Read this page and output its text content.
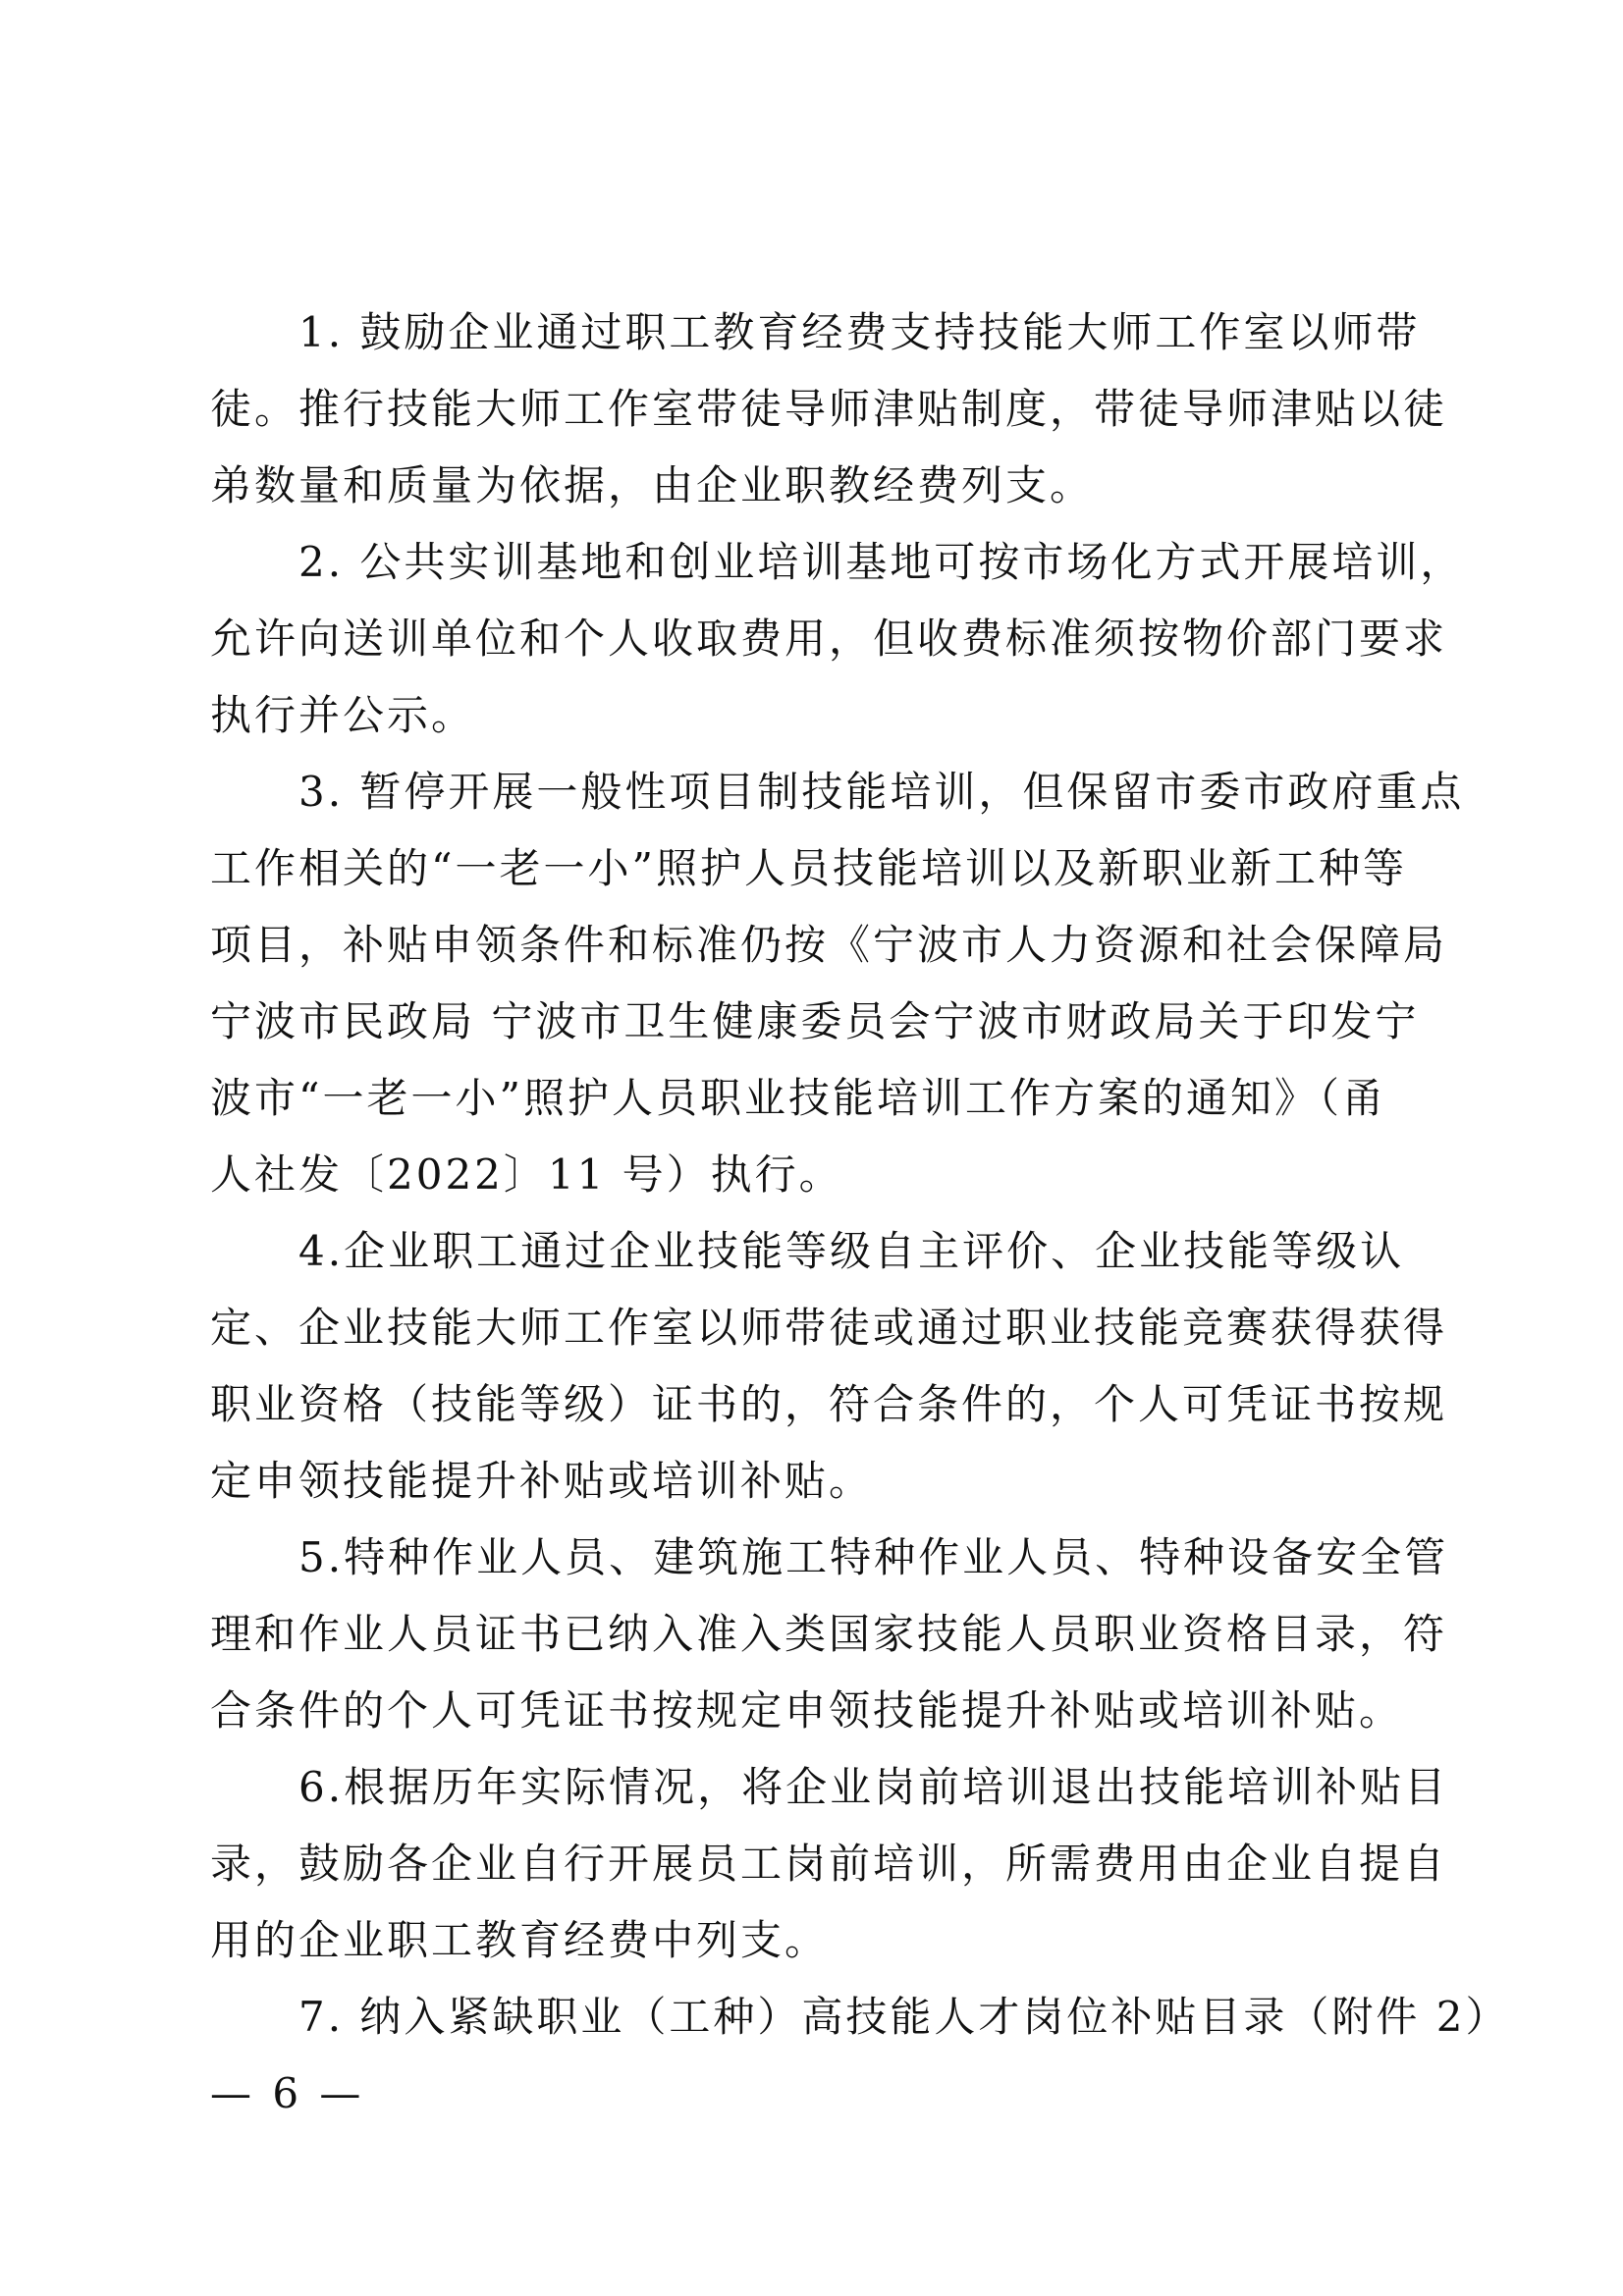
1. 鼓励企业通过职工教育经费支持技能大师工作室以师带
徒。推行技能大师工作室带徒导师津贴制度，带徒导师津贴以徒
弟数量和质量为依据，由企业职教经费列支。

2. 公共实训基地和创业培训基地可按市场化方式开展培训，
允许向送训单位和个人收取费用，但收费标准须按物价部门要求
执行并公示。

3. 暂停开展一般性项目制技能培训，但保留市委市政府重点
工作相关的“一老一小”照护人员技能培训以及新职业新工种等
项目，补贴申领条件和标准仍按《宁波市人力资源和社会保障局
宁波市民政局 宁波市卫生健康委员会宁波市财政局关于印发宁
波市“一老一小”照护人员职业技能培训工作方案的通知》（甬
人社发〔2022〕11 号）执行。

4.企业职工通过企业技能等级自主评价、企业技能等级认
定、企业技能大师工作室以师带徒或通过职业技能竞赛获得获得
职业资格（技能等级）证书的，符合条件的，个人可凭证书按规
定申领技能提升补贴或培训补贴。

5.特种作业人员、建筑施工特种作业人员、特种设备安全管
理和作业人员证书已纳入准入类国家技能人员职业资格目录，符
合条件的个人可凭证书按规定申领技能提升补贴或培训补贴。

6.根据历年实际情况，将企业岗前培训退出技能培训补贴目
录，鼓励各企业自行开展员工岗前培训，所需费用由企业自提自
用的企业职工教育经费中列支。

7. 纳入紧缺职业（工种）高技能人才岗位补贴目录（附件 2）

— 6 —
